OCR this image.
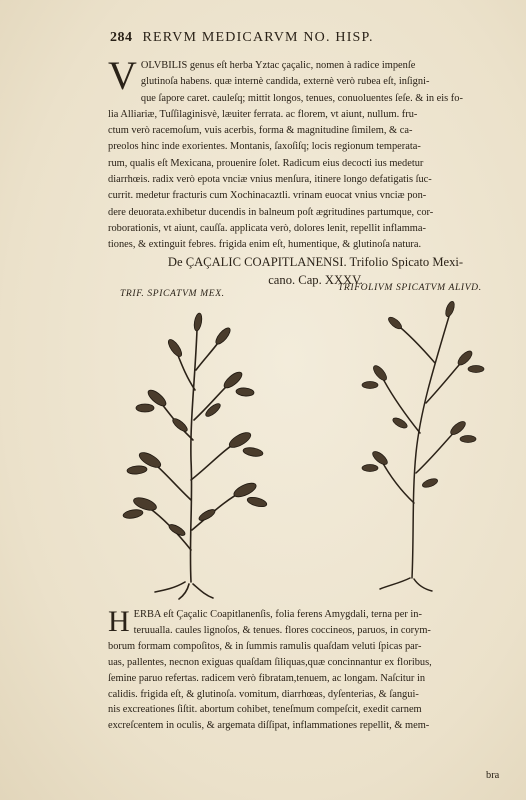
284 RERVM MEDICARVM NO. HISP.
V OLVBILIS genus eſt herba Yztac çaçalic, nomen à radice impenſe
glutinoſa habens. quæ internè candida, externè verò rubea eſt, inſigni-
que ſapore caret. cauleſq; mittit longos, tenues, conuoluentes ſeſe. & in eis fo-
lia Alliariæ, Tuſſilaginisvè, læuiter ferrata. ac florem, vt aiunt, nullum. fru-
ctum verò racemoſum, vuis acerbis, forma & magnitudine ſimilem, & ca-
preolos hinc inde exorientes. Montanis, ſaxoſiſq; locis regionum temperata-
rum, qualis eſt Mexicana, prouenire ſolet. Radicum eius decocti ius medetur
diarrhœis. radix verò epota vnciæ vnius menſura, itinere longo defatigatis ſuc-
currit. medetur fracturis cum Xochinacaztli. vrinam euocat vnius vnciæ pon-
dere deuorata.exhibetur ducendis in balneum poſt ægritudines partumque, cor-
roborationis, vt aiunt, cauſſa. applicata verò, dolores lenit, repellit inflamma-
tiones, & extinguit febres. frigida enim eſt, humentique, & glutinoſa natura.
De ÇAÇALIC COAPITLANENSI. Trifolio Spicato Mexi-
cano. Cap. XXXV.
TRIF. SPICATVM MEX.
TRIFOLIVM SPICATVM ALIVD.
H ERBA eſt Çaçalic Coapitlanenſis, folia ferens Amygdali, terna per in-
teruualla. caules lignoſos, & tenues. flores coccineos, paruos, in corym-
borum formam compoſitos, & in ſummis ramulis quaſdam veluti ſpicas par-
uas, pallentes, necnon exiguas quaſdam ſiliquas,quæ concinnantur ex floribus,
ſemine paruo refertas. radicem verò fibratam,tenuem, ac longam. Naſcitur in
calidis. frigida eſt, & glutinoſa. vomitum, diarrhœas, dyſenterias, & ſangui-
nis excreationes ſiſtit. abortum cohibet, teneſmum compeſcit, exedit carnem
excreſcentem in oculis, & argemata diſſipat, inflammationes repellit, & mem-
bra
